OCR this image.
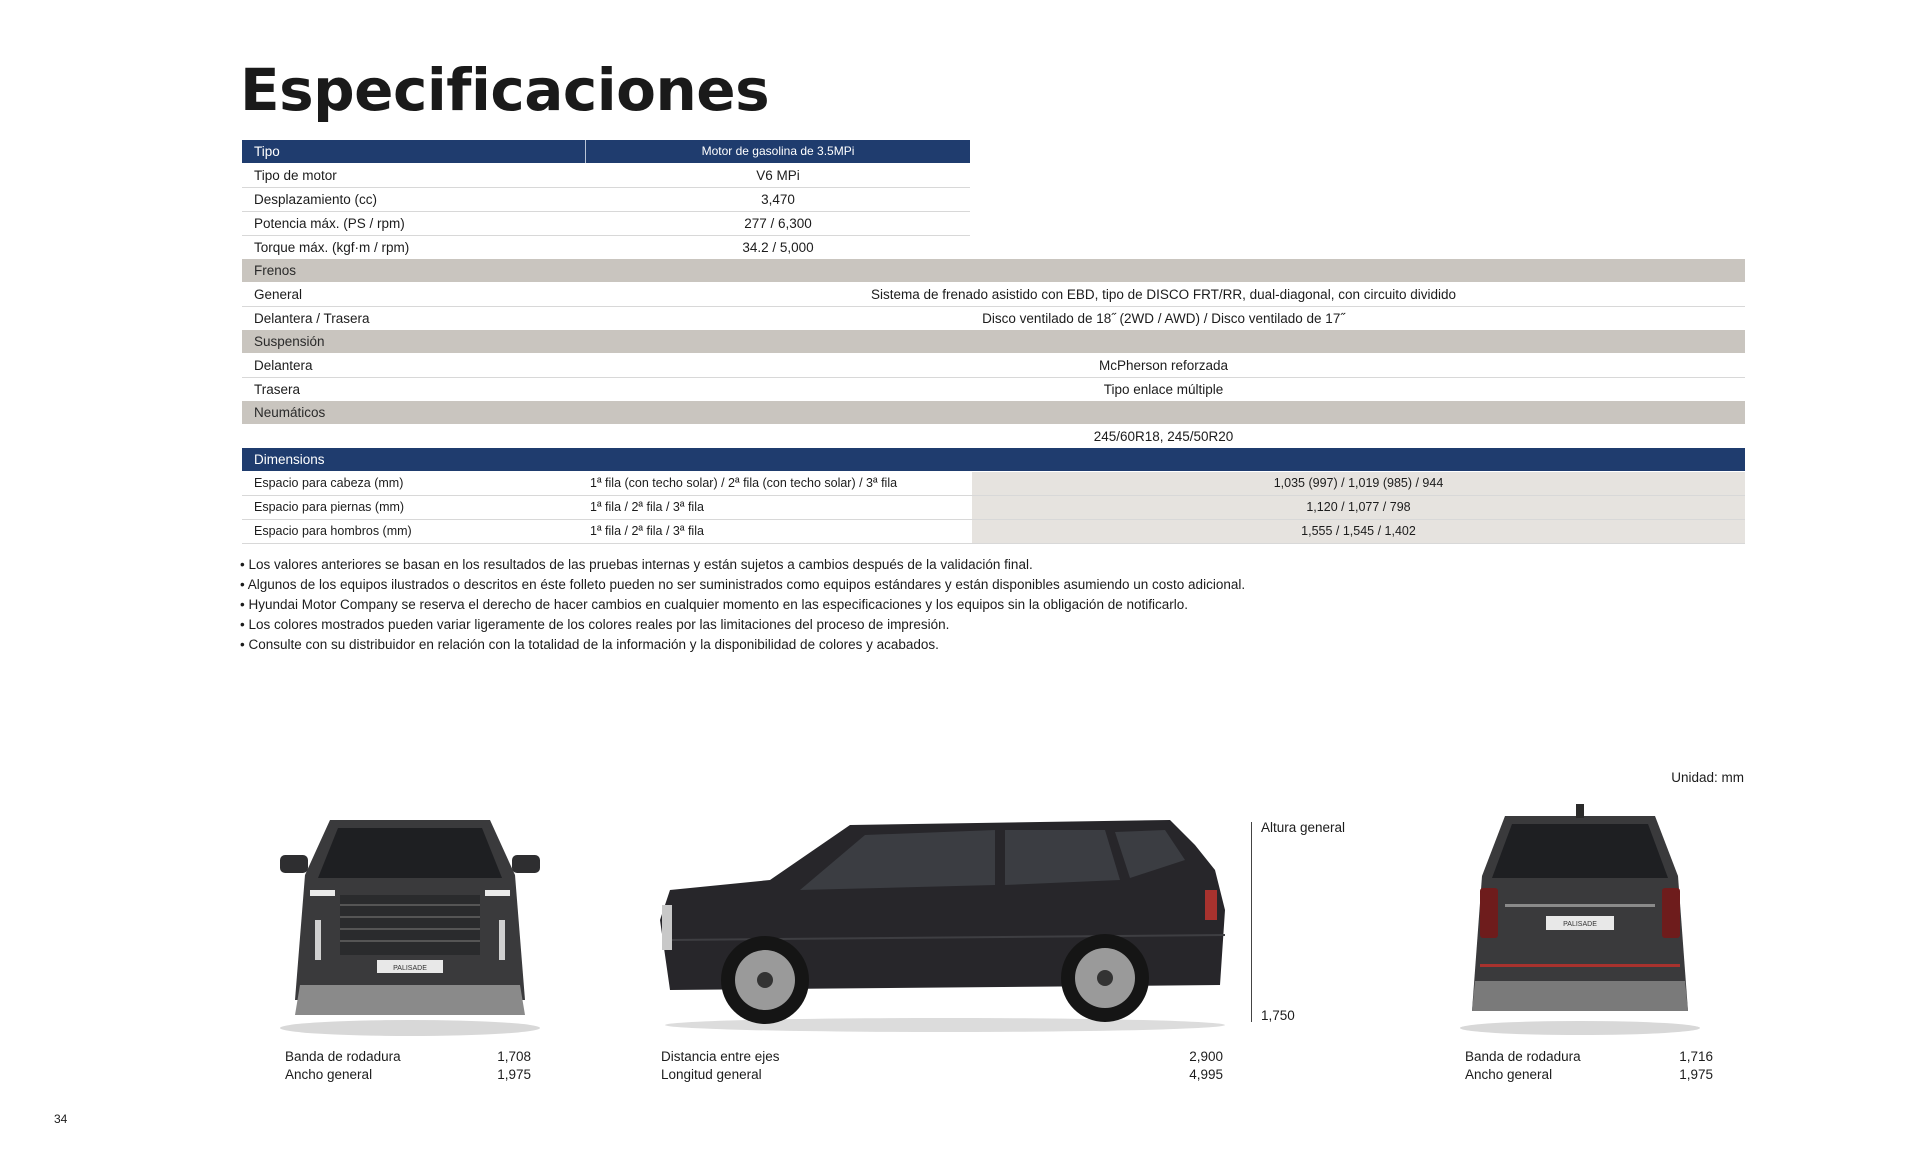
Especificaciones
Tipo	Motor de gasolina de 3.5MPi
Tipo de motor	V6 MPi
Desplazamiento (cc)	3,470
Potencia máx. (PS / rpm)	277 / 6,300
Torque máx. (kgf·m / rpm)	34.2 / 5,000
Frenos
General	Sistema de frenado asistido con EBD, tipo de DISCO FRT/RR, dual-diagonal, con circuito dividido
Delantera / Trasera	Disco ventilado de 18˝ (2WD / AWD) / Disco ventilado de 17˝
Suspensión
Delantera	McPherson reforzada
Trasera	Tipo enlace múltiple
Neumáticos
245/60R18, 245/50R20
Dimensions
Espacio para cabeza (mm)	1ª fila (con techo solar) / 2ª fila (con techo solar) / 3ª fila	1,035 (997) / 1,019 (985) / 944
Espacio para piernas (mm)	1ª fila / 2ª fila / 3ª fila	1,120 / 1,077 / 798
Espacio para hombros (mm)	1ª fila / 2ª fila / 3ª fila	1,555 / 1,545 / 1,402
• Los valores anteriores se basan en los resultados de las pruebas internas y están sujetos a cambios después de la validación final.
• Algunos de los equipos ilustrados o descritos en éste folleto pueden no ser suministrados como equipos estándares y están disponibles asumiendo un costo adicional.
• Hyundai Motor Company se reserva el derecho de hacer cambios en cualquier momento en las especificaciones y los equipos sin la obligación de notificarlo.
• Los colores mostrados pueden variar ligeramente de los colores reales por las limitaciones del proceso de impresión.
• Consulte con su distribuidor en relación con la totalidad de la información y la disponibilidad de colores y acabados.
Unidad: mm
PALISADE
Banda de rodadura	1,708
Ancho general	1,975
Altura general
1,750
Distancia entre ejes	2,900
Longitud general	4,995
PALISADE
Banda de rodadura	1,716
Ancho general	1,975
34
